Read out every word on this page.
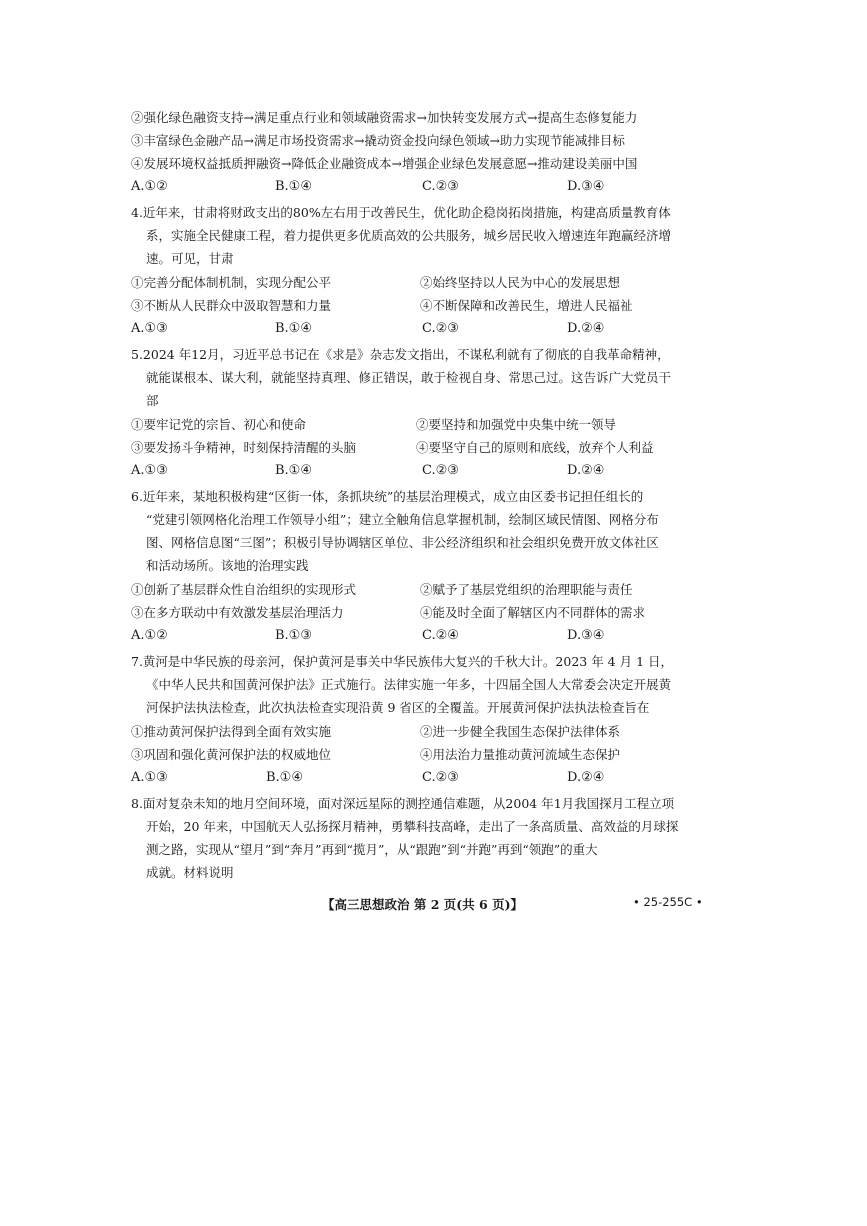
②强化绿色融资支持→满足重点行业和领域融资需求→加快转变发展方式→提高生态修复能力
③丰富绿色金融产品→满足市场投资需求→撬动资金投向绿色领域→助力实现节能减排目标
④发展环境权益抵质押融资→降低企业融资成本→增强企业绿色发展意愿→推动建设美丽中国
A.①②	B.①④	C.②③	D.③④
4.近年来，甘肃将财政支出的80%左右用于改善民生，优化助企稳岗拓岗措施，构建高质量教育体
系，实施全民健康工程，着力提供更多优质高效的公共服务，城乡居民收入增速连年跑赢经济增
速。可见，甘肃
①完善分配体制机制，实现分配公平	②始终坚持以人民为中心的发展思想
③不断从人民群众中汲取智慧和力量	④不断保障和改善民生，增进人民福祉
A.①③	B.①④	C.②③	D.②④
5.2024 年12月，习近平总书记在《求是》杂志发文指出，不谋私利就有了彻底的自我革命精神，
就能谋根本、谋大利，就能坚持真理、修正错误，敢于检视自身、常思己过。这告诉广大党员干
部
①要牢记党的宗旨、初心和使命	②要坚持和加强党中央集中统一领导
③要发扬斗争精神，时刻保持清醒的头脑	④要坚守自己的原则和底线，放弃个人利益
A.①③	B.①④	C.②③	D.②④
6.近年来，某地积极构建“区街一体，条抓块统”的基层治理模式，成立由区委书记担任组长的
“党建引领网格化治理工作领导小组”；建立全触角信息掌握机制，绘制区域民情图、网格分布
图、网格信息图“三图”；积极引导协调辖区单位、非公经济组织和社会组织免费开放文体社区
和活动场所。该地的治理实践
①创新了基层群众性自治组织的实现形式	②赋予了基层党组织的治理职能与责任
③在多方联动中有效激发基层治理活力	④能及时全面了解辖区内不同群体的需求
A.①②	B.①③	C.②④	D.③④
7.黄河是中华民族的母亲河，保护黄河是事关中华民族伟大复兴的千秋大计。2023 年 4 月 1 日，
《中华人民共和国黄河保护法》正式施行。法律实施一年多，十四届全国人大常委会决定开展黄
河保护法执法检查，此次执法检查实现沿黄 9 省区的全覆盖。开展黄河保护法执法检查旨在
①推动黄河保护法得到全面有效实施	②进一步健全我国生态保护法律体系
③巩固和强化黄河保护法的权威地位	④用法治力量推动黄河流域生态保护
A.①③	B.①④	C.②③	D.②④
8.面对复杂未知的地月空间环境，面对深远星际的测控通信难题，从2004 年1月我国探月工程立项
开始，20 年来，中国航天人弘扬探月精神，勇攀科技高峰，走出了一条高质量、高效益的月球探
测之路，实现从“望月”到“奔月”再到“揽月”，从“跟跑”到“并跑”再到“领跑”的重大
成就。材料说明
【高三思想政治 第 2 页(共 6 页)】	• 25-255C •
